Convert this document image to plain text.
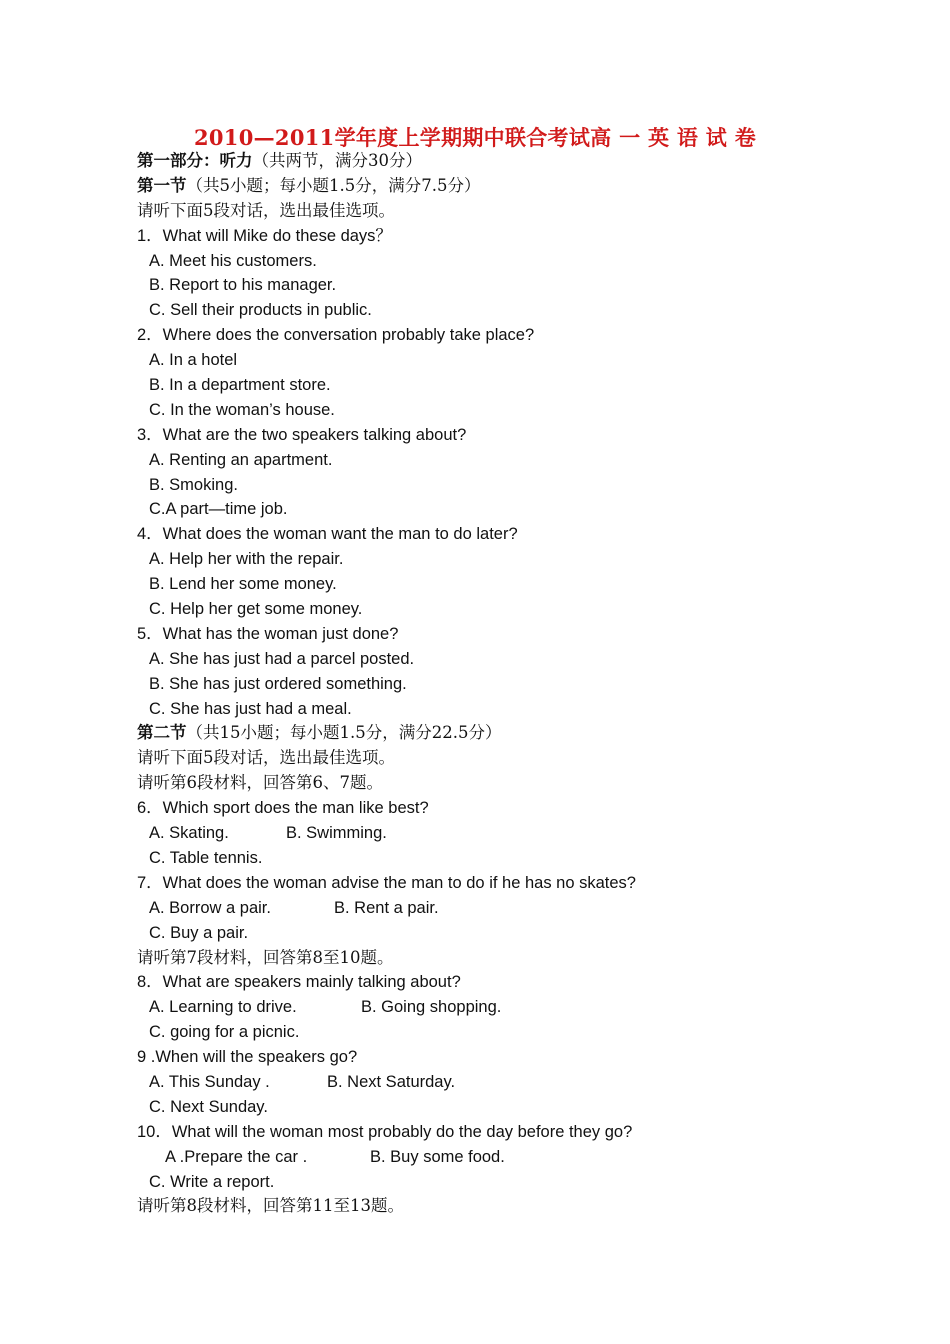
2010—2011学年度上学期期中联合考试高 一 英 语 试 卷
第一部分：听力（共两节，满分30分）
第一节（共5小题；每小题1.5分，满分7.5分）
请听下面5段对话，选出最佳选项。
1．What will Mike do these days？
A. Meet his customers.
B. Report to his manager.
C. Sell their products in public.
2．Where does the conversation probably take place?
A. In a hotel
B. In a department store.
C. In the woman’s house.
3．What are the two speakers talking about?
A. Renting an apartment.
B. Smoking.
C.A part—time job.
4．What does the woman want the man to do later?
A. Help her with the repair.
B. Lend her some money.
C. Help her get some money.
5．What has the woman just done?
A. She has just had a parcel posted.
B. She has just ordered something.
C. She has just had a meal.
第二节（共15小题；每小题1.5分，满分22.5分）
请听下面5段对话，选出最佳选项。
请听第6段材料，回答第6、7题。
6．Which sport does the man like best?
A. Skating.	B. Swimming.
C. Table tennis.
7．What does the woman advise the man to do if he has no skates?
A. Borrow a pair.	B. Rent a pair.
C. Buy a pair.
请听第7段材料，回答第8至10题。
8．What are speakers mainly talking about?
A. Learning to drive.	B. Going shopping.
C. going for a picnic.
9 .When will the speakers go?
A. This Sunday .	B. Next Saturday.
C. Next Sunday.
10．What will the woman most probably do the day before they go?
A .Prepare the car .	B. Buy some food.
C. Write a report.
请听第8段材料，回答第11至13题。
